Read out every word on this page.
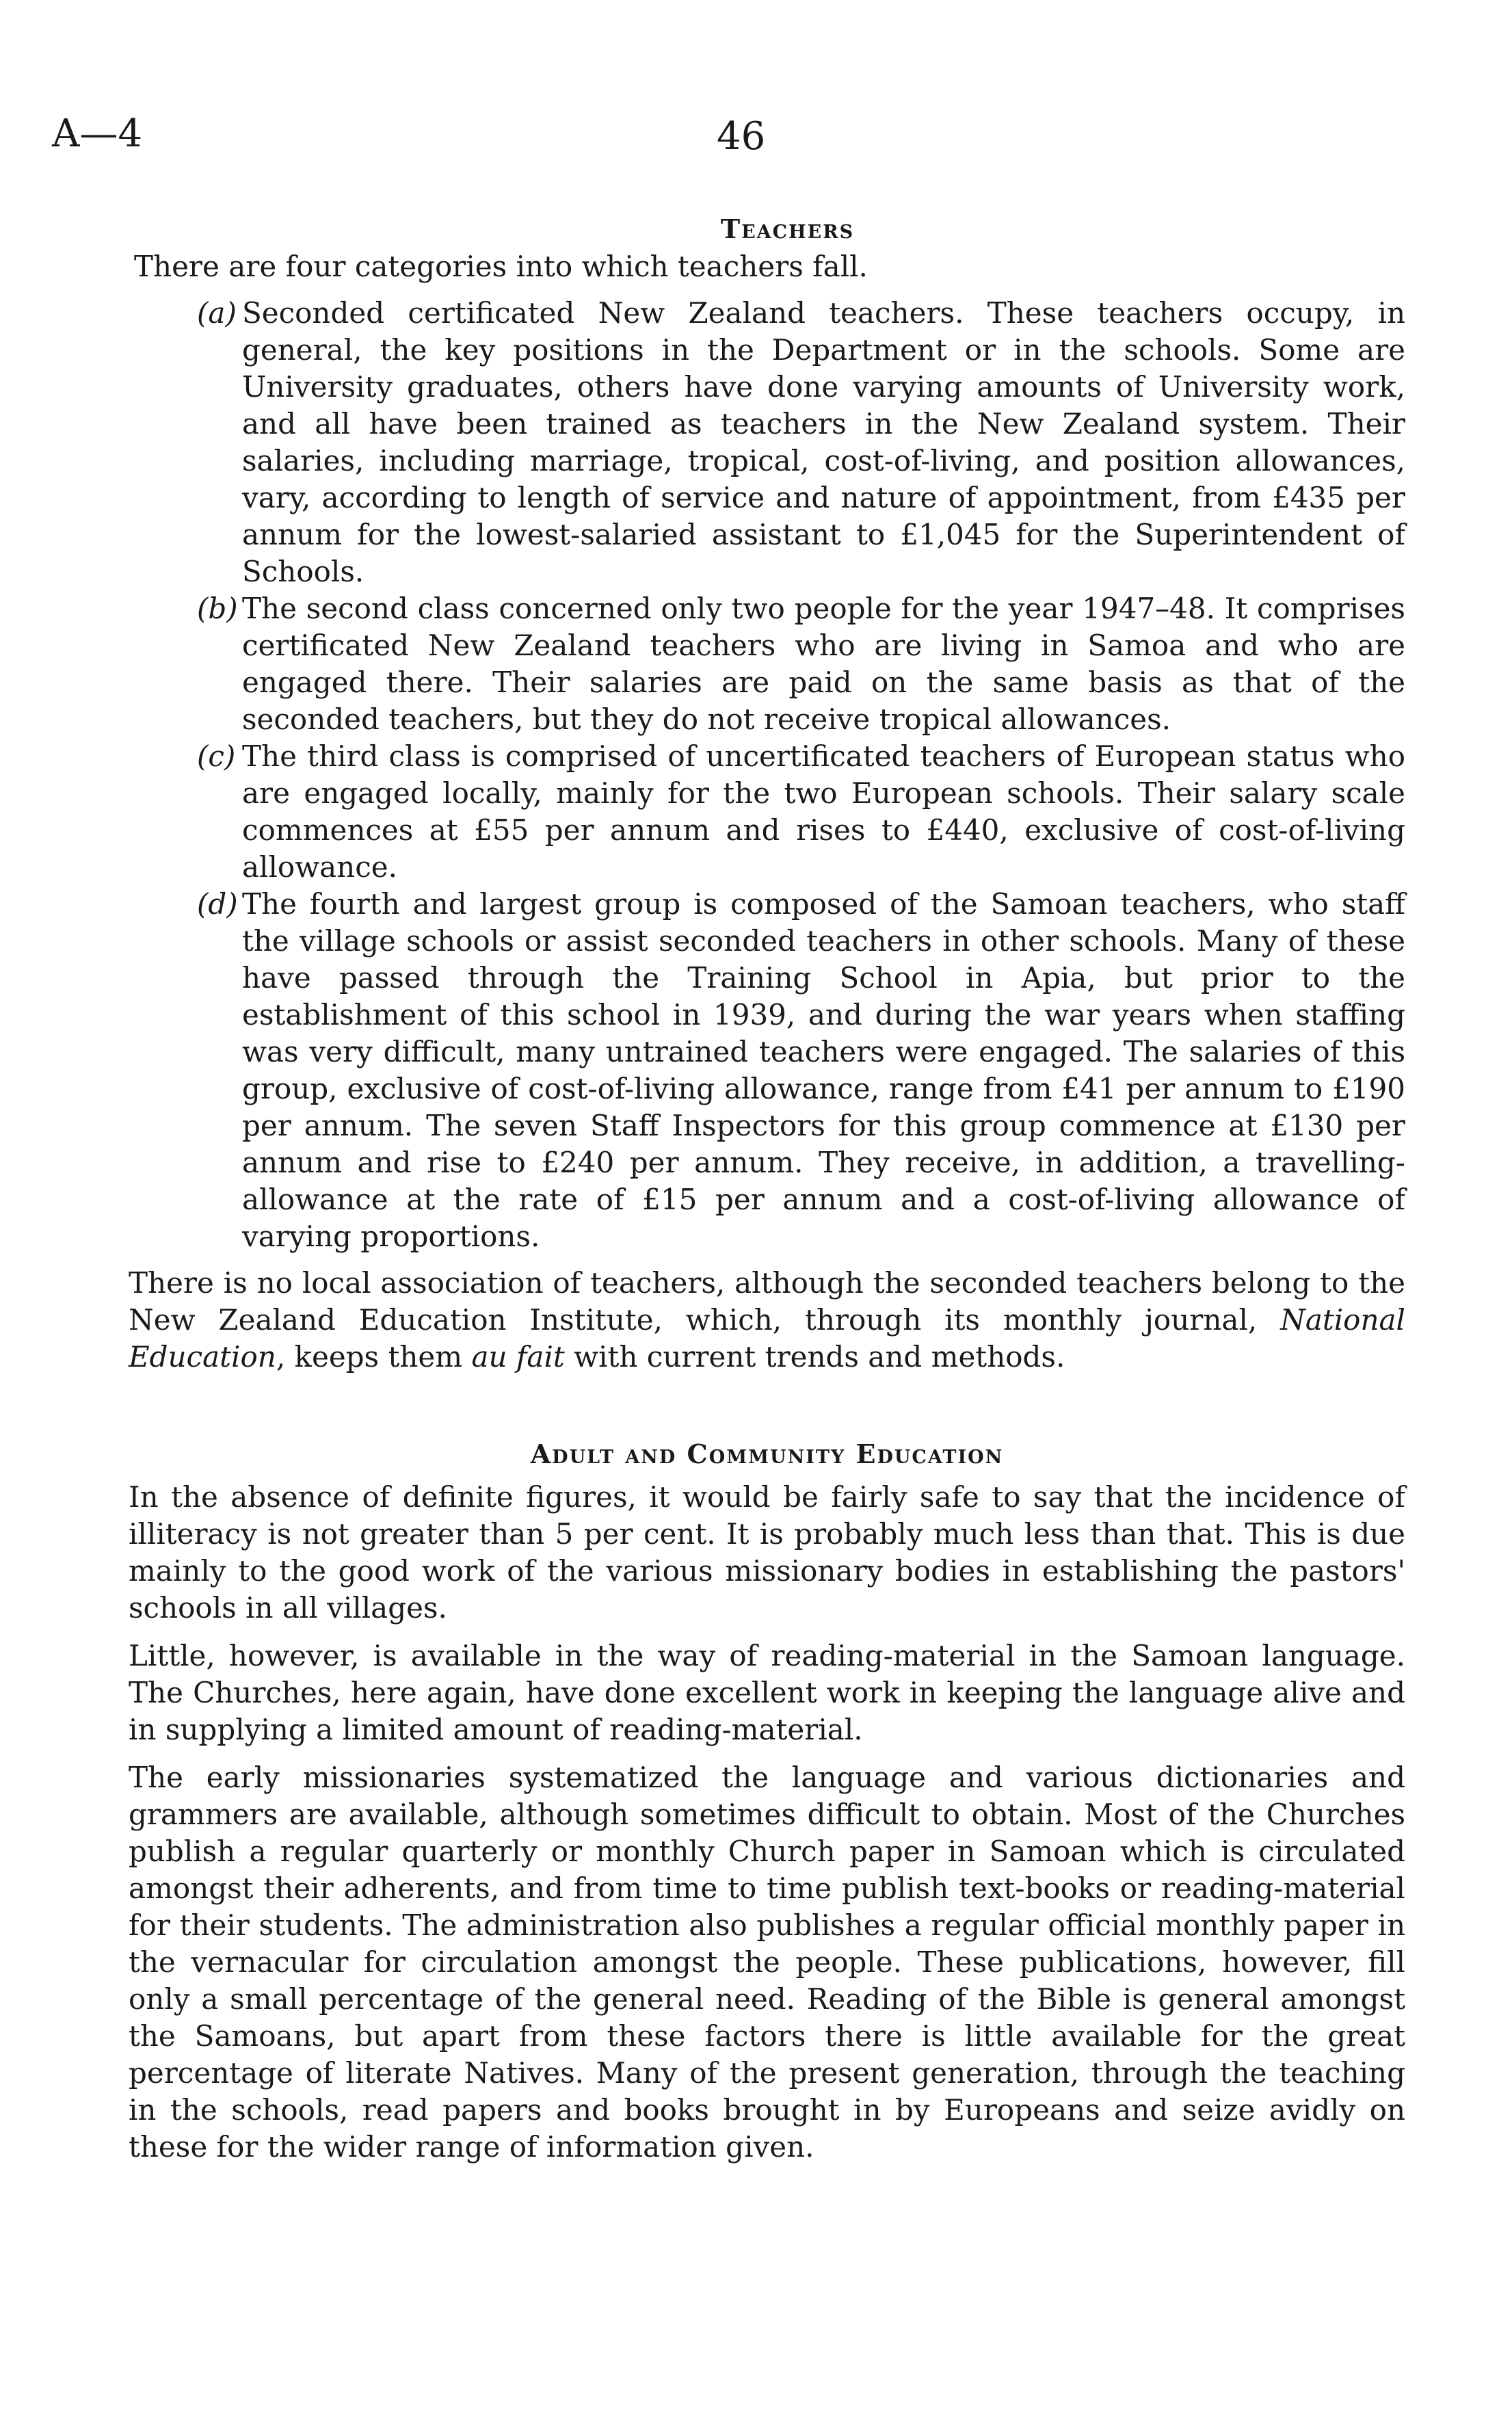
A—4	46
Teachers

There are four categories into which teachers fall.

( a ) Seconded certificated New Zealand teachers. These teachers occupy, in general, the key positions in the Department or in the schools. Some are University graduates, others have done varying amounts of University work, and all have been trained as teachers in the New Zealand system. Their salaries, including marriage, tropical, cost-of-living, and position allowances, vary, according to length of service and nature of appointment, from £435 per annum for the lowest-salaried assistant to £1,045 for the Superintendent of Schools.

( b ) The second class concerned only two people for the year 1947–48. It comprises certificated New Zealand teachers who are living in Samoa and who are engaged there. Their salaries are paid on the same basis as that of the seconded teachers, but they do not receive tropical allowances.

( c ) The third class is comprised of uncertificated teachers of European status who are engaged locally, mainly for the two European schools. Their salary scale commences at £55 per annum and rises to £440, exclusive of cost-of-living allowance.

( d ) The fourth and largest group is composed of the Samoan teachers, who staff the village schools or assist seconded teachers in other schools. Many of these have passed through the Training School in Apia, but prior to the establishment of this school in 1939, and during the war years when staffing was very difficult, many untrained teachers were engaged. The salaries of this group, exclusive of cost-of-living allowance, range from £41 per annum to £190 per annum. The seven Staff Inspectors for this group commence at £130 per annum and rise to £240 per annum. They receive, in addition, a travelling-allowance at the rate of £15 per annum and a cost-of-living allowance of varying proportions.

There is no local association of teachers, although the seconded teachers belong to the New Zealand Education Institute, which, through its monthly journal, National Education, keeps them au fait with current trends and methods.

Adult and Community Education

In the absence of definite figures, it would be fairly safe to say that the incidence of illiteracy is not greater than 5 per cent. It is probably much less than that. This is due mainly to the good work of the various missionary bodies in establishing the pastors' schools in all villages.

Little, however, is available in the way of reading-material in the Samoan language. The Churches, here again, have done excellent work in keeping the language alive and in supplying a limited amount of reading-material.

The early missionaries systematized the language and various dictionaries and grammers are available, although sometimes difficult to obtain. Most of the Churches publish a regular quarterly or monthly Church paper in Samoan which is circulated amongst their adherents, and from time to time publish text-books or reading-material for their students. The administration also publishes a regular official monthly paper in the vernacular for circulation amongst the people. These publications, however, fill only a small percentage of the general need. Reading of the Bible is general amongst the Samoans, but apart from these factors there is little available for the great percentage of literate Natives. Many of the present generation, through the teaching in the schools, read papers and books brought in by Europeans and seize avidly on these for the wider range of information given.
